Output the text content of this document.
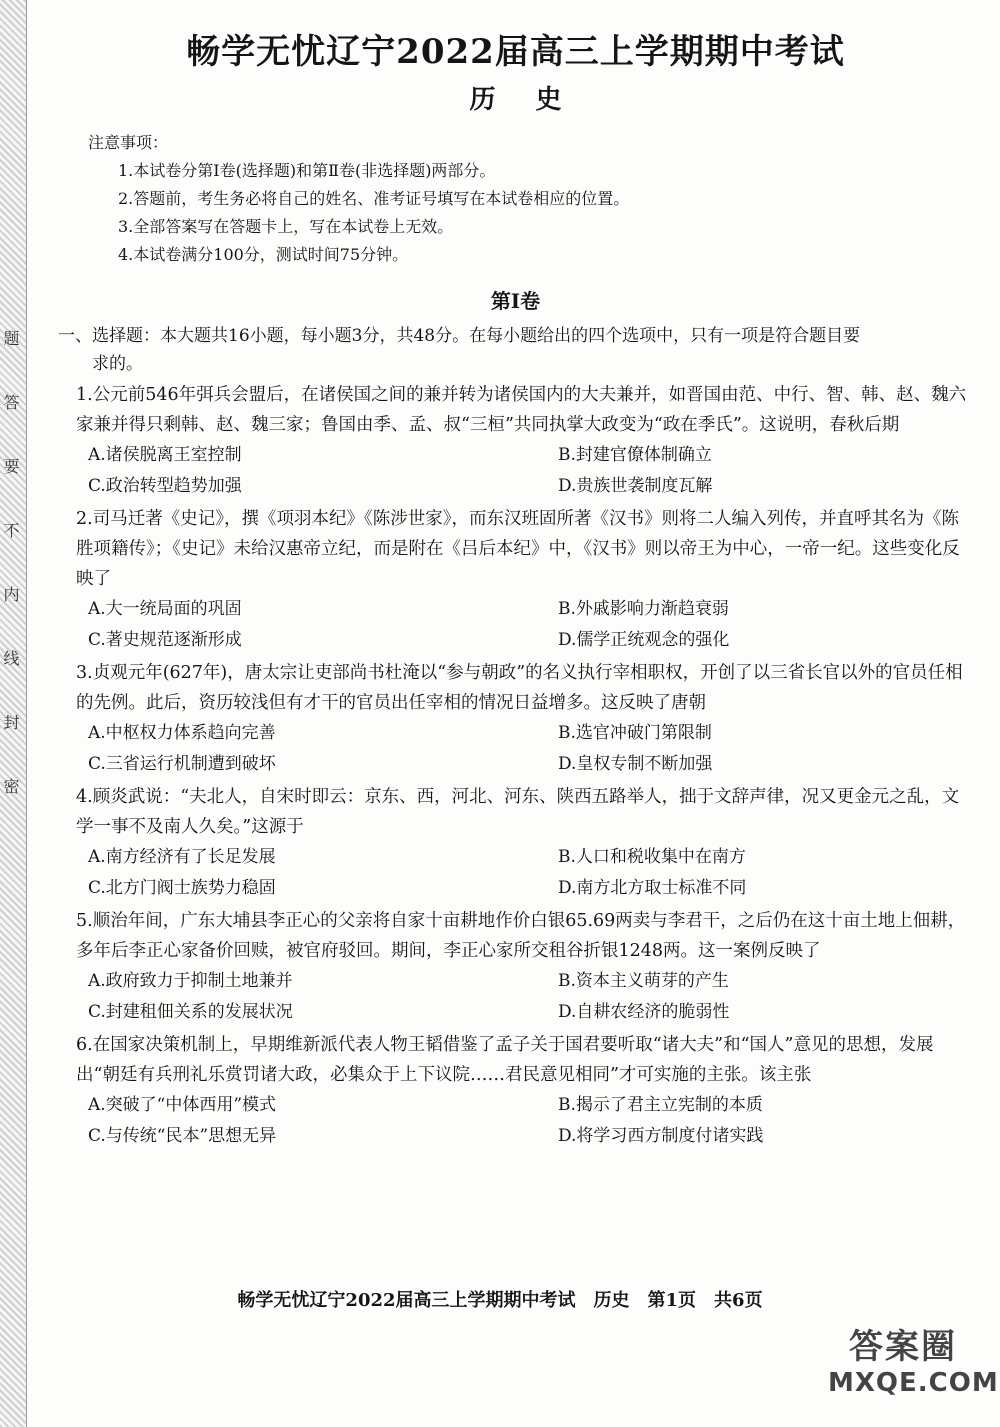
题答要不内线封密
畅学无忧辽宁2022届高三上学期期中考试
历史
注意事项：
1.本试卷分第Ⅰ卷(选择题)和第Ⅱ卷(非选择题)两部分。
2.答题前，考生务必将自己的姓名、准考证号填写在本试卷相应的位置。
3.全部答案写在答题卡上，写在本试卷上无效。
4.本试卷满分100分，测试时间75分钟。
第Ⅰ卷
一、选择题：本大题共16小题，每小题3分，共48分。在每小题给出的四个选项中，只有一项是符合题目要
求的。
1.公元前546年弭兵会盟后，在诸侯国之间的兼并转为诸侯国内的大夫兼并，如晋国由范、中行、智、韩、赵、魏六家兼并得只剩韩、赵、魏三家；鲁国由季、孟、叔“三桓”共同执掌大政变为“政在季氏”。这说明，春秋后期
A.诸侯脱离王室控制	B.封建官僚体制确立
C.政治转型趋势加强	D.贵族世袭制度瓦解
2.司马迁著《史记》，撰《项羽本纪》《陈涉世家》，而东汉班固所著《汉书》则将二人编入列传，并直呼其名为《陈胜项籍传》；《史记》未给汉惠帝立纪，而是附在《吕后本纪》中，《汉书》则以帝王为中心，一帝一纪。这些变化反映了
A.大一统局面的巩固	B.外戚影响力渐趋衰弱
C.著史规范逐渐形成	D.儒学正统观念的强化
3.贞观元年(627年)，唐太宗让吏部尚书杜淹以“参与朝政”的名义执行宰相职权，开创了以三省长官以外的官员任相的先例。此后，资历较浅但有才干的官员出任宰相的情况日益增多。这反映了唐朝
A.中枢权力体系趋向完善	B.选官冲破门第限制
C.三省运行机制遭到破坏	D.皇权专制不断加强
4.顾炎武说：“夫北人，自宋时即云：京东、西，河北、河东、陕西五路举人，拙于文辞声律，况又更金元之乱，文学一事不及南人久矣。”这源于
A.南方经济有了长足发展	B.人口和税收集中在南方
C.北方门阀士族势力稳固	D.南方北方取士标准不同
5.顺治年间，广东大埔县李正心的父亲将自家十亩耕地作价白银65.69两卖与李君干，之后仍在这十亩土地上佃耕，多年后李正心家备价回赎，被官府驳回。期间，李正心家所交租谷折银1248两。这一案例反映了
A.政府致力于抑制土地兼并	B.资本主义萌芽的产生
C.封建租佃关系的发展状况	D.自耕农经济的脆弱性
6.在国家决策机制上，早期维新派代表人物王韬借鉴了孟子关于国君要听取“诸大夫”和“国人”意见的思想，发展出“朝廷有兵刑礼乐赏罚诸大政，必集众于上下议院……君民意见相同”才可实施的主张。该主张
A.突破了“中体西用”模式	B.揭示了君主立宪制的本质
C.与传统“民本”思想无异	D.将学习西方制度付诸实践
畅学无忧辽宁2022届高三上学期期中考试　历史　第1页　共6页
答案圈
MXQE.COM
